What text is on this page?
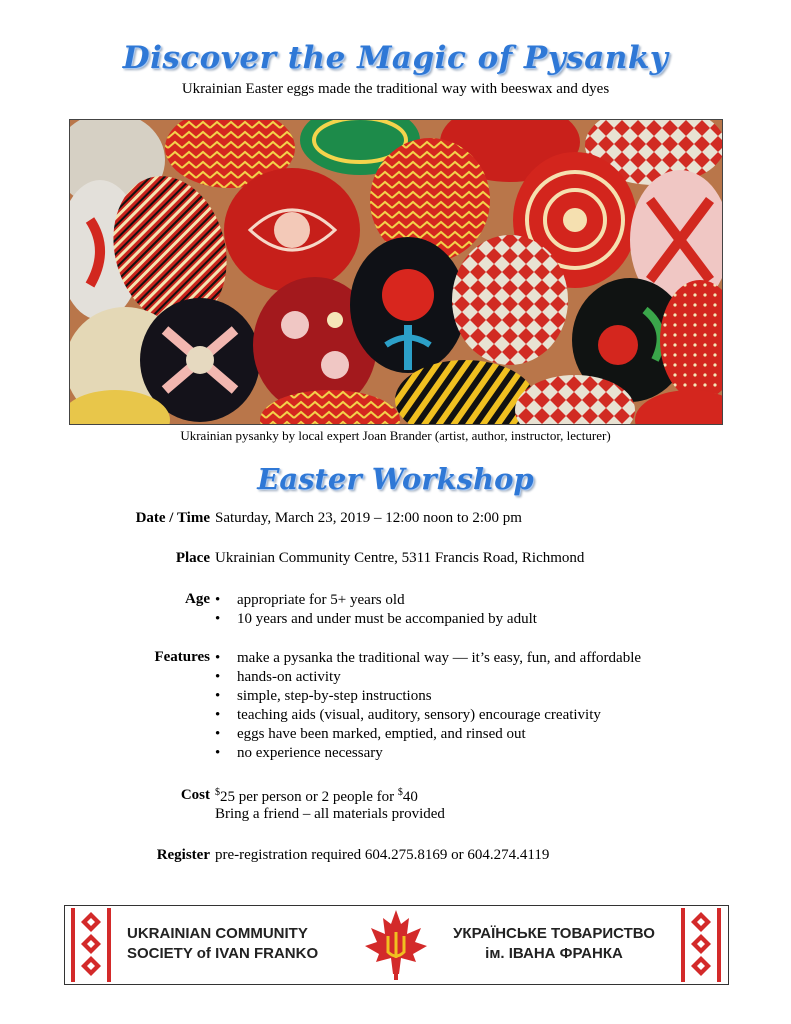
Discover the Magic of Pysanky
Ukrainian Easter eggs made the traditional way with beeswax and dyes
Ukrainian pysanky by local expert Joan Brander (artist, author, instructor, lecturer)
Easter Workshop
Date / Time Saturday, March 23, 2019 – 12:00 noon to 2:00 pm
Place Ukrainian Community Centre, 5311 Francis Road, Richmond
Age	• appropriate for 5+ years old
• 10 years and under must be accompanied by adult
Features	• make a pysanka the traditional way — it’s easy, fun, and affordable
• hands-on activity
• simple, step-by-step instructions
• teaching aids (visual, auditory, sensory) encourage creativity
• eggs have been marked, emptied, and rinsed out
• no experience necessary
Cost $25 per person or 2 people for $40
Bring a friend – all materials provided
Register pre-registration required 604.275.8169 or 604.274.4119
UKRAINIAN COMMUNITY
SOCIETY of IVAN FRANKO
УКРАЇНСЬКЕ ТОВАРИСТВО
ім. ІВАНА ФРАНКА
